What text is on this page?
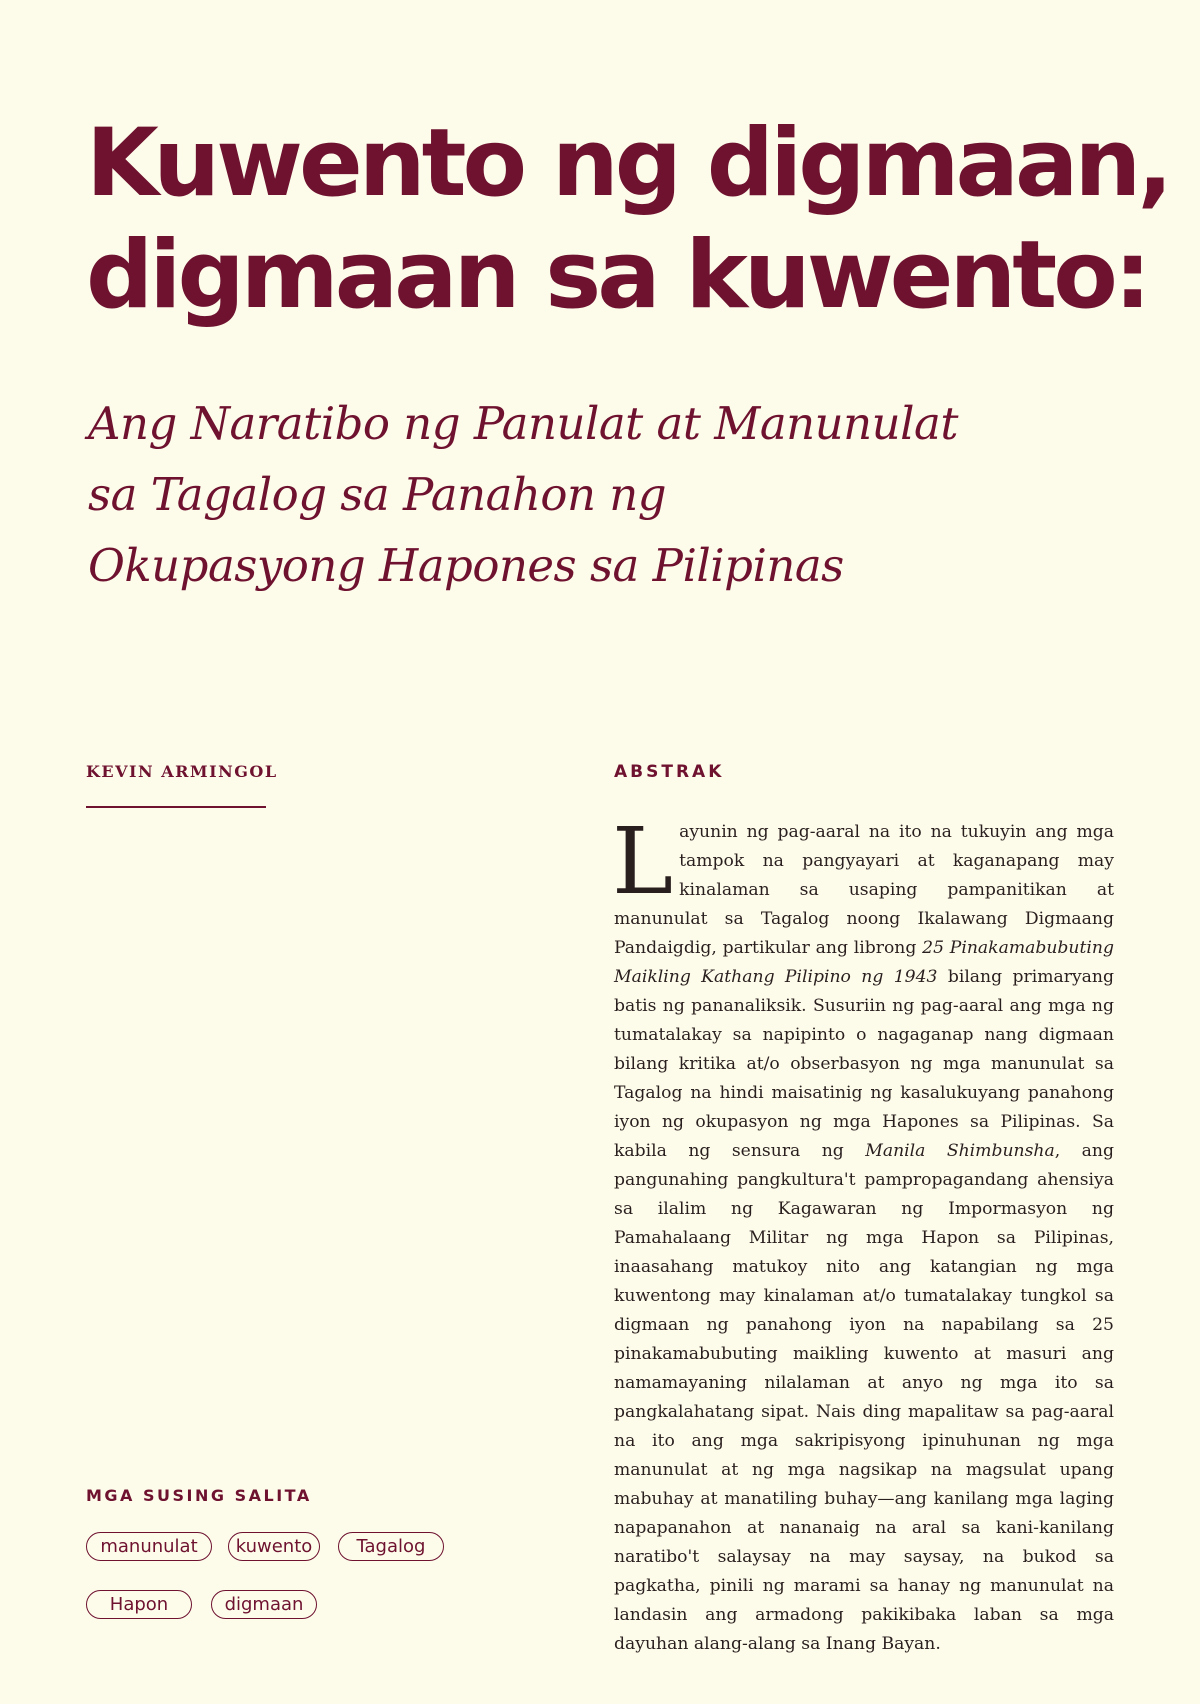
Kuwento ng digmaan,
digmaan sa kuwento:
Ang Naratibo ng Panulat at Manunulat
sa Tagalog sa Panahon ng
Okupasyong Hapones sa Pilipinas
KEVIN ARMINGOL	ABSTRAK

Layunin ng pag-aaral na ito na tukuyin ang mga tampok na pangyayari at kaganapang may kinalaman sa usaping pampanitikan at manunulat sa Tagalog noong Ikalawang Digmaang Pandaigdig, partikular ang librong 25 Pinakamabubuting Maikling Kathang Pilipino ng 1943 bilang primaryang batis ng pananaliksik. Susuriin ng pag-aaral ang mga ng tumatalakay sa napipinto o nagaganap nang digmaan bilang kritika at/o obserbasyon ng mga manunulat sa Tagalog na hindi maisatinig ng kasalukuyang panahong iyon ng okupasyon ng mga Hapones sa Pilipinas. Sa kabila ng sensura ng Manila Shimbunsha, ang pangunahing pangkultura't pampropagandang ahensiya sa ilalim ng Kagawaran ng Impormasyon ng Pamahalaang Militar ng mga Hapon sa Pilipinas, inaasahang matukoy nito ang katangian ng mga kuwentong may kinalaman at/o tumatalakay tungkol sa digmaan ng panahong iyon na napabilang sa 25 pinakamabubuting maikling kuwento at masuri ang namamayaning nilalaman at anyo ng mga ito sa pangkalahatang sipat. Nais ding mapalitaw sa pag-aaral na ito ang mga sakripisyong ipinuhunan ng mga manunulat at ng mga nagsikap na magsulat upang mabuhay at manatiling buhay—ang kanilang mga laging napapanahon at nananaig na aral sa kani-kanilang naratibo't salaysay na may saysay, na bukod sa pagkatha, pinili ng marami sa hanay ng manunulat na landasin ang armadong pakikibaka laban sa mga dayuhan alang-alang sa Inang Bayan.

MGA SUSING SALITA
manunulat	kuwento	Tagalog
Hapon	digmaan
